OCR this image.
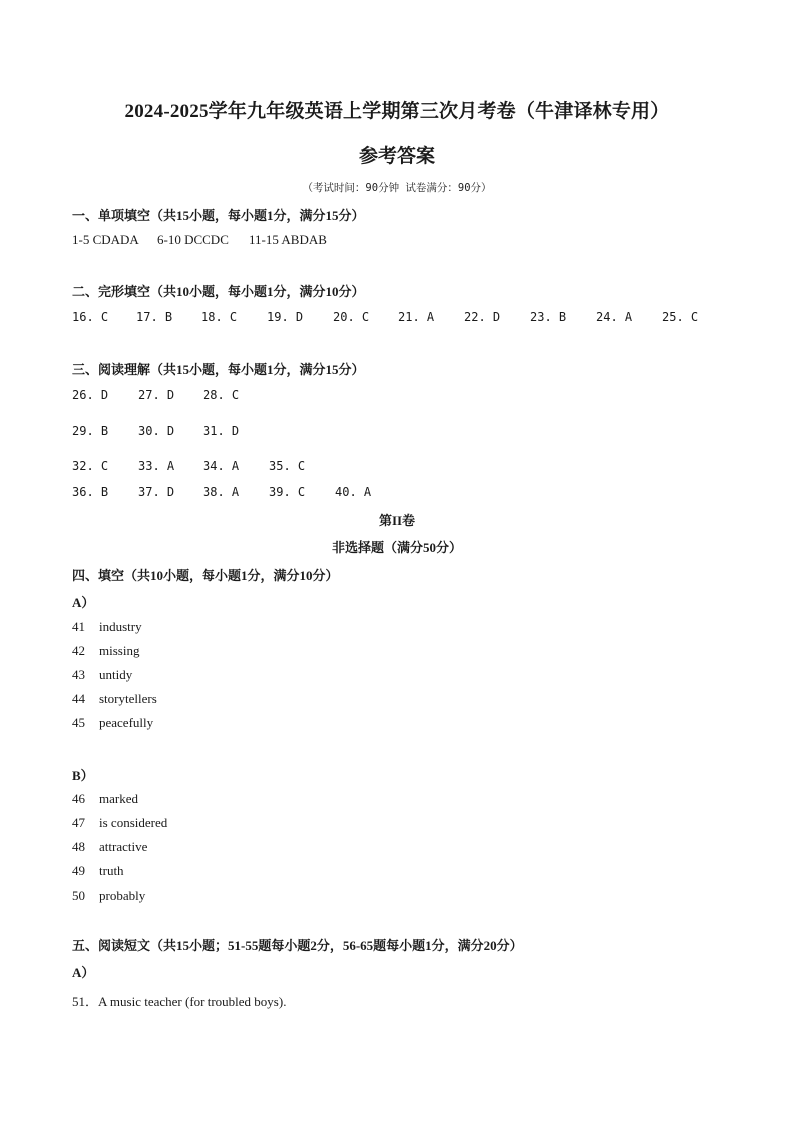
2024-2025学年九年级英语上学期第三次月考卷（牛津译林专用）
参考答案
（考试时间：90分钟 试卷满分：90分）
一、单项填空（共15小题，每小题1分，满分15分）
1-5 CDADA 6-10 DCCDC 11-15 ABDAB
二、完形填空（共10小题，每小题1分，满分10分）
16. C 17. B 18. C 19. D 20. C 21. A 22. D 23. B 24. A 25. C
三、阅读理解（共15小题，每小题1分，满分15分）
26. D 27. D 28. C
29. B 30. D 31. D
32. C 33. A 34. A 35. C
36. B 37. D 38. A 39. C 40. A
第II卷
非选择题（满分50分）
四、填空（共10小题，每小题1分，满分10分）
A）
41 industry
42 missing
43 untidy
44 storytellers
45 peacefully
B）
46 marked
47 is considered
48 attractive
49 truth
50 probably
五、阅读短文（共15小题；51-55题每小题2分，56-65题每小题1分，满分20分）
A）
51．A music teacher (for troubled boys).
